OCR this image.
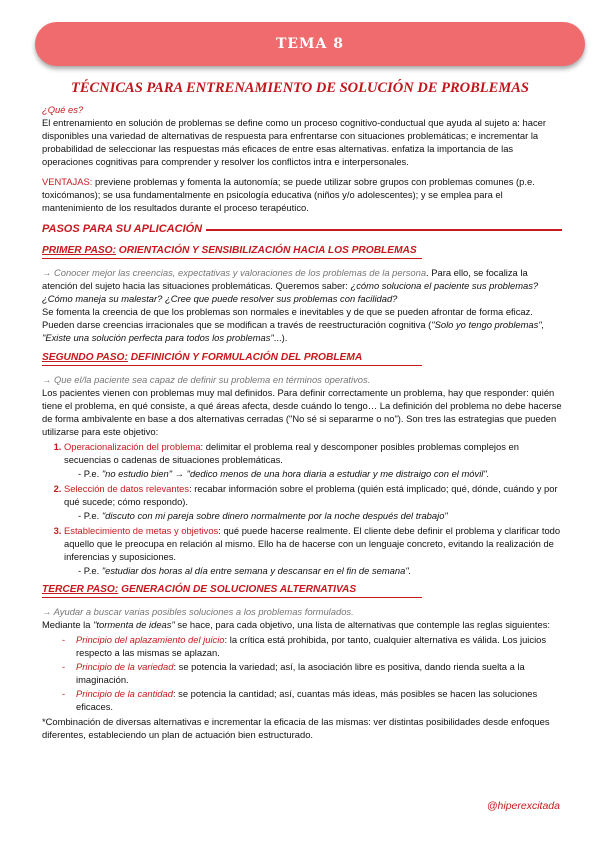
TEMA 8
TÉCNICAS PARA ENTRENAMIENTO DE SOLUCIÓN DE PROBLEMAS

¿Qué es?
El entrenamiento en solución de problemas se define como un proceso cognitivo-conductual que ayuda al sujeto a: hacer disponibles una variedad de alternativas de respuesta para enfrentarse con situaciones problemáticas; e incrementar la probabilidad de seleccionar las respuestas más eficaces de entre esas alternativas. enfatiza la importancia de las operaciones cognitivas para comprender y resolver los conflictos intra e interpersonales.

VENTAJAS: previene problemas y fomenta la autonomía; se puede utilizar sobre grupos con problemas comunes (p.e. toxicómanos); se usa fundamentalmente en psicología educativa (niños y/o adolescentes); y se emplea para el mantenimiento de los resultados durante el proceso terapéutico.

PASOS PARA SU APLICACIÓN
PRIMER PASO: ORIENTACIÓN Y SENSIBILIZACIÓN HACIA LOS PROBLEMAS

→ Conocer mejor las creencias, expectativas y valoraciones de los problemas de la persona. Para ello, se focaliza la atención del sujeto hacia las situaciones problemáticas. Queremos saber: ¿cómo soluciona el paciente sus problemas? ¿Cómo maneja su malestar? ¿Cree que puede resolver sus problemas con facilidad?
Se fomenta la creencia de que los problemas son normales e inevitables y de que se pueden afrontar de forma eficaz. Pueden darse creencias irracionales que se modifican a través de reestructuración cognitiva ("Solo yo tengo problemas", "Existe una solución perfecta para todos los problemas"...).

SEGUNDO PASO: DEFINICIÓN Y FORMULACIÓN DEL PROBLEMA

→ Que el/la paciente sea capaz de definir su problema en términos operativos.
Los pacientes vienen con problemas muy mal definidos. Para definir correctamente un problema, hay que responder: quién tiene el problema, en qué consiste, a qué áreas afecta, desde cuándo lo tengo… La definición del problema no debe hacerse de forma ambivalente en base a dos alternativas cerradas ("No sé si separarme o no"). Son tres las estrategias que pueden utilizarse para este objetivo:

1. Operacionalización del problema: delimitar el problema real y descomponer posibles problemas complejos en secuencias o cadenas de situaciones problemáticas.
- P.e. "no estudio bien" → "dedico menos de una hora diaria a estudiar y me distraigo con el móvil".
2. Selección de datos relevantes: recabar información sobre el problema (quién está implicado; qué, dónde, cuándo y por qué sucede; cómo respondo).
- P.e. "discuto con mi pareja sobre dinero normalmente por la noche después del trabajo"
3. Establecimiento de metas y objetivos: qué puede hacerse realmente. El cliente debe definir el problema y clarificar todo aquello que le preocupa en relación al mismo. Ello ha de hacerse con un lenguaje concreto, evitando la realización de inferencias y suposiciones.
- P.e. "estudiar dos horas al día entre semana y descansar en el fin de semana".
TERCER PASO: GENERACIÓN DE SOLUCIONES ALTERNATIVAS

→ Ayudar a buscar varias posibles soluciones a los problemas formulados.
Mediante la "tormenta de ideas" se hace, para cada objetivo, una lista de alternativas que contemple las reglas siguientes:

- Principio del aplazamiento del juicio: la crítica está prohibida, por tanto, cualquier alternativa es válida. Los juicios respecto a las mismas se aplazan.
- Principio de la variedad: se potencia la variedad; así, la asociación libre es positiva, dando rienda suelta a la imaginación.
- Principio de la cantidad: se potencia la cantidad; así, cuantas más ideas, más posibles se hacen las soluciones eficaces.

*Combinación de diversas alternativas e incrementar la eficacia de las mismas: ver distintas posibilidades desde enfoques diferentes, estableciendo un plan de actuación bien estructurado.

@hiperexcitada
